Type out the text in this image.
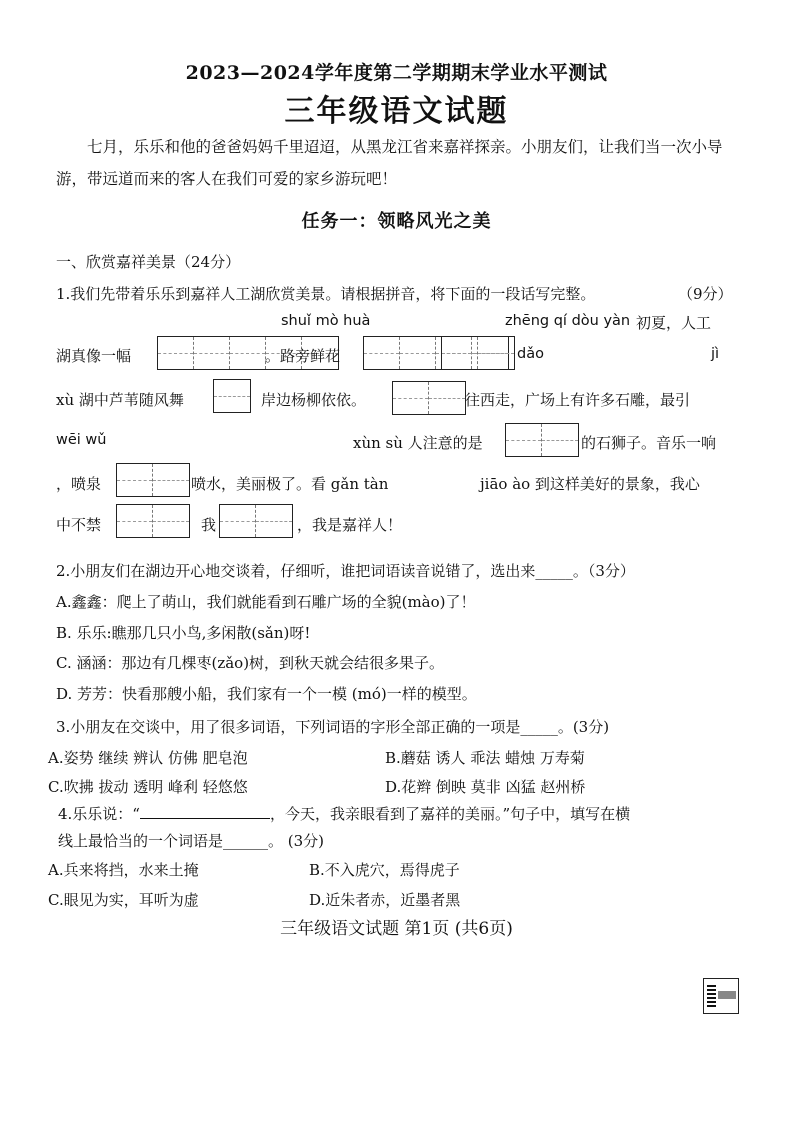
2023—2024学年度第二学期期末学业水平测试
三年级语文试题
七月，乐乐和他的爸爸妈妈千里迢迢，从黑龙江省来嘉祥探亲。小朋友们，让我们当一次小导游，带远道而来的客人在我们可爱的家乡游玩吧！
任务一：领略风光之美
一、欣赏嘉祥美景（24分）
1.我们先带着乐乐到嘉祥人工湖欣赏美景。请根据拼音，将下面的一段话写完整。	（9分）
shuǐ mò huà	zhēng qí dòu yàn 初夏，人工
湖真像一幅	。路旁鲜花	dǎo	jì
xù 湖中芦苇随风舞	岸边杨柳依依。	往西走，广场上有许多石雕，最引
wēi wǔ	xùn sù 人注意的是	的石狮子。音乐一响
，喷泉	喷水，美丽极了。看 gǎn tàn	jiāo ào 到这样美好的景象，我心
中不禁	我	，我是嘉祥人！
2.小朋友们在湖边开心地交谈着，仔细听，谁把词语读音说错了，选出来_____。（3分）
A.鑫鑫：爬上了萌山，我们就能看到石雕广场的全貌(mào)了！
B. 乐乐:瞧那几只小鸟,多闲散(sǎn)呀!
C. 涵涵：那边有几棵枣(zǎo)树，到秋天就会结很多果子。
D. 芳芳：快看那艘小船，我们家有一个一模 (mó)一样的模型。
3.小朋友在交谈中，用了很多词语，下列词语的字形全部正确的一项是_____。(3分)
A.姿势 继续 辨认 仿佛 肥皂泡	B.蘑菇 诱人 乖法 蜡烛 万寿菊
C.吹拂 拔动 透明 峰利 轻悠悠	D.花辫 倒映 莫非 凶猛 赵州桥
4.乐乐说：“	，今天，我亲眼看到了嘉祥的美丽。”句子中，填写在横
线上最恰当的一个词语是______。 (3分)
A.兵来将挡，水来土掩	B.不入虎穴，焉得虎子
C.眼见为实，耳听为虚	D.近朱者赤，近墨者黑
三年级语文试题 第1页 (共6页)
